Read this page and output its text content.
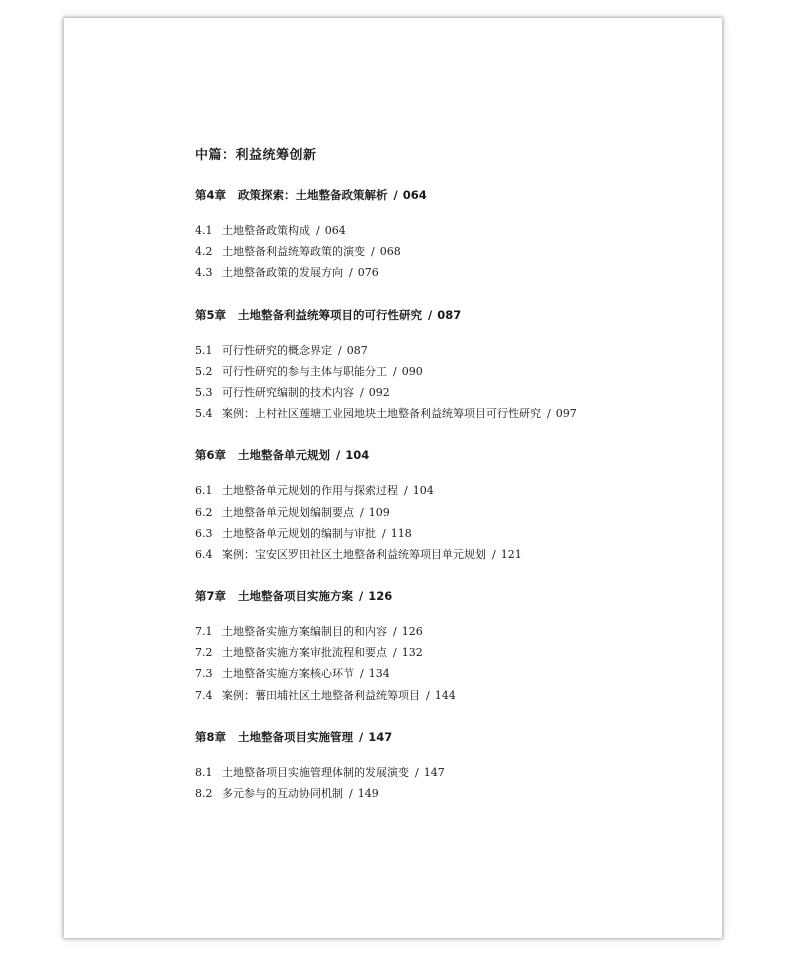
中篇：利益统筹创新
第4章 政策探索：土地整备政策解析 / 064
4.1 土地整备政策构成 / 064
4.2 土地整备利益统筹政策的演变 / 068
4.3 土地整备政策的发展方向 / 076
第5章 土地整备利益统筹项目的可行性研究 / 087
5.1 可行性研究的概念界定 / 087
5.2 可行性研究的参与主体与职能分工 / 090
5.3 可行性研究编制的技术内容 / 092
5.4 案例：上村社区莲塘工业园地块土地整备利益统筹项目可行性研究 / 097
第6章 土地整备单元规划 / 104
6.1 土地整备单元规划的作用与探索过程 / 104
6.2 土地整备单元规划编制要点 / 109
6.3 土地整备单元规划的编制与审批 / 118
6.4 案例：宝安区罗田社区土地整备利益统筹项目单元规划 / 121
第7章 土地整备项目实施方案 / 126
7.1 土地整备实施方案编制目的和内容 / 126
7.2 土地整备实施方案审批流程和要点 / 132
7.3 土地整备实施方案核心环节 / 134
7.4 案例：薯田埔社区土地整备利益统筹项目 / 144
第8章 土地整备项目实施管理 / 147
8.1 土地整备项目实施管理体制的发展演变 / 147
8.2 多元参与的互动协同机制 / 149
